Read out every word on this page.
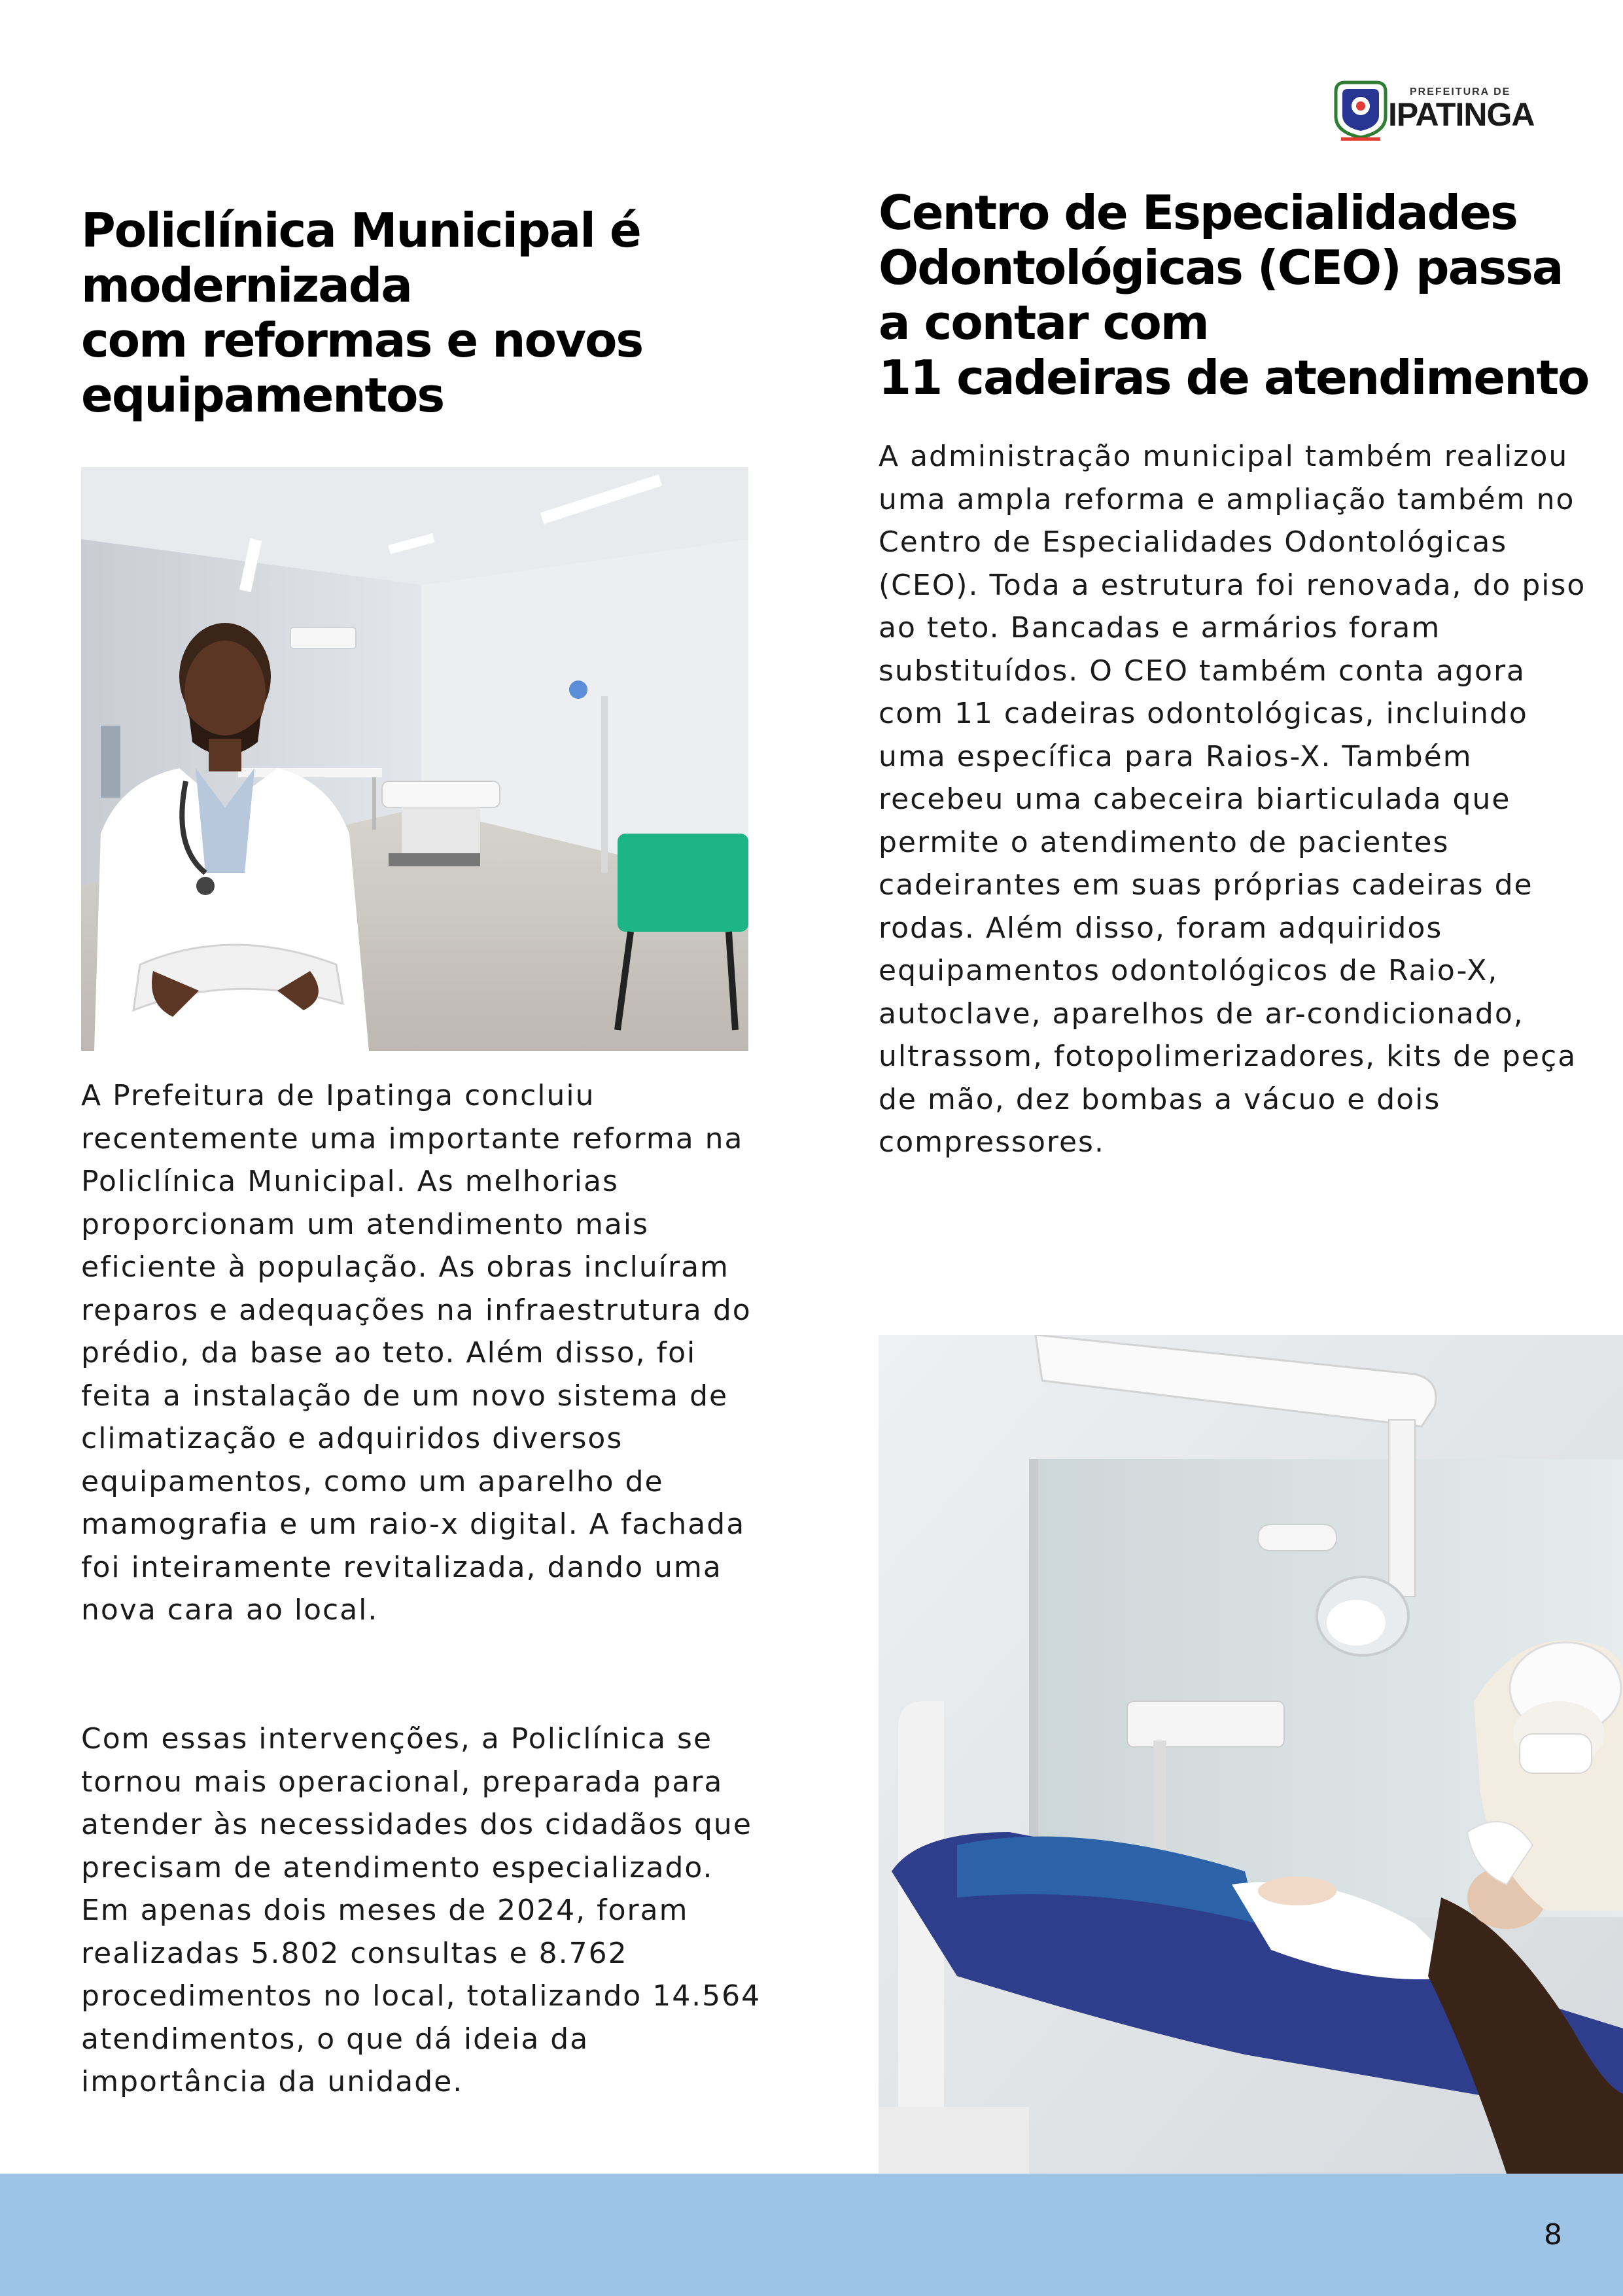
PREFEITURA DE
IPATINGA
Policlínica Municipal é modernizada
com reformas e novos equipamentos

A Prefeitura de Ipatinga concluiu recentemente uma importante reforma na Policlínica Municipal. As melhorias proporcionam um atendimento mais eficiente à população. As obras incluíram reparos e adequações na infraestrutura do prédio, da base ao teto. Além disso, foi feita a instalação de um novo sistema de climatização e adquiridos diversos equipamentos, como um aparelho de mamografia e um raio-x digital. A fachada foi inteiramente revitalizada, dando uma nova cara ao local.

Com essas intervenções, a Policlínica se tornou mais operacional, preparada para atender às necessidades dos cidadãos que precisam de atendimento especializado. Em apenas dois meses de 2024, foram realizadas 5.802 consultas e 8.762 procedimentos no local, totalizando 14.564 atendimentos, o que dá ideia da importância da unidade.

Centro de Especialidades Odontológicas (CEO) passa a contar com
11 cadeiras de atendimento

A administração municipal também realizou uma ampla reforma e ampliação também no Centro de Especialidades Odontológicas (CEO). Toda a estrutura foi renovada, do piso ao teto. Bancadas e armários foram substituídos. O CEO também conta agora com 11 cadeiras odontológicas, incluindo uma específica para Raios-X. Também recebeu uma cabeceira biarticulada que permite o atendimento de pacientes cadeirantes em suas próprias cadeiras de rodas. Além disso, foram adquiridos equipamentos odontológicos de Raio-X, autoclave, aparelhos de ar-condicionado, ultrassom, fotopolimerizadores, kits de peça de mão, dez bombas a vácuo e dois compressores.

8
